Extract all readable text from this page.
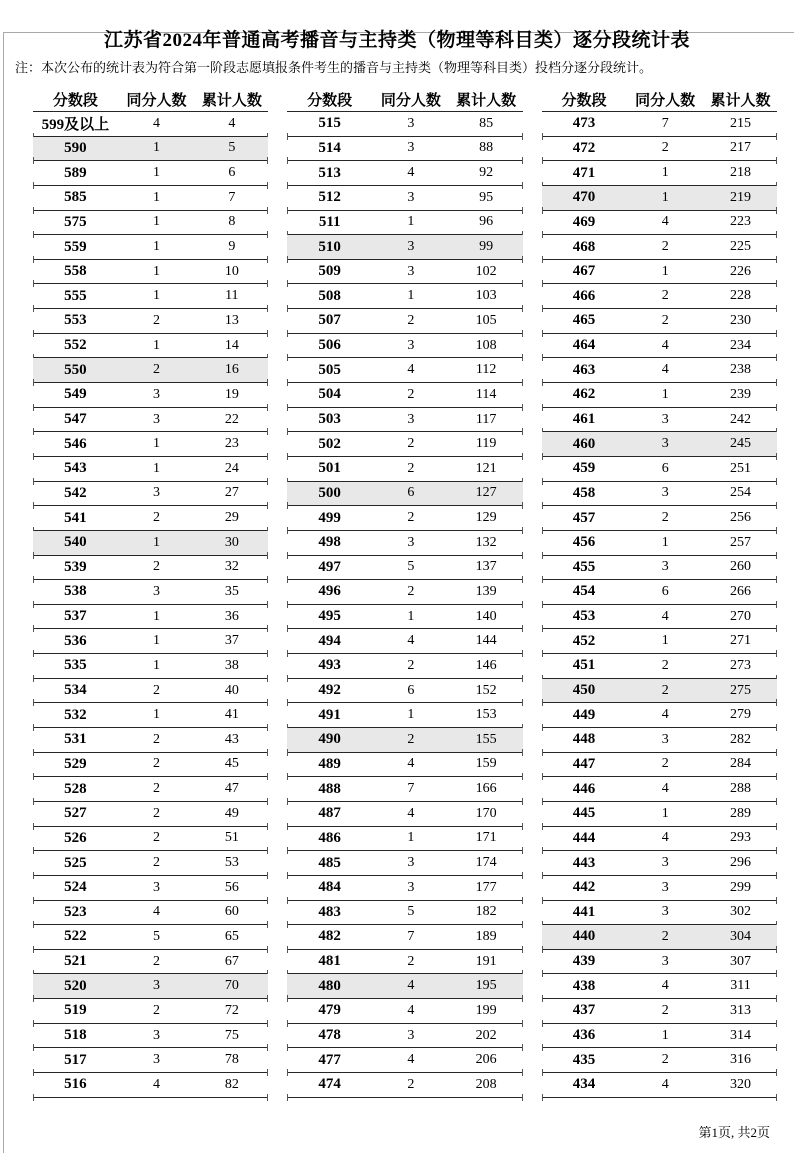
江苏省2024年普通高考播音与主持类（物理等科目类）逐分段统计表
注：本次公布的统计表为符合第一阶段志愿填报条件考生的播音与主持类（物理等科目类）投档分逐分段统计。
分数段	同分人数	累计人数
599及以上	4	4
590	1	5
589	1	6
585	1	7
575	1	8
559	1	9
558	1	10
555	1	11
553	2	13
552	1	14
550	2	16
549	3	19
547	3	22
546	1	23
543	1	24
542	3	27
541	2	29
540	1	30
539	2	32
538	3	35
537	1	36
536	1	37
535	1	38
534	2	40
532	1	41
531	2	43
529	2	45
528	2	47
527	2	49
526	2	51
525	2	53
524	3	56
523	4	60
522	5	65
521	2	67
520	3	70
519	2	72
518	3	75
517	3	78
516	4	82
分数段	同分人数	累计人数
515	3	85
514	3	88
513	4	92
512	3	95
511	1	96
510	3	99
509	3	102
508	1	103
507	2	105
506	3	108
505	4	112
504	2	114
503	3	117
502	2	119
501	2	121
500	6	127
499	2	129
498	3	132
497	5	137
496	2	139
495	1	140
494	4	144
493	2	146
492	6	152
491	1	153
490	2	155
489	4	159
488	7	166
487	4	170
486	1	171
485	3	174
484	3	177
483	5	182
482	7	189
481	2	191
480	4	195
479	4	199
478	3	202
477	4	206
474	2	208
分数段	同分人数	累计人数
473	7	215
472	2	217
471	1	218
470	1	219
469	4	223
468	2	225
467	1	226
466	2	228
465	2	230
464	4	234
463	4	238
462	1	239
461	3	242
460	3	245
459	6	251
458	3	254
457	2	256
456	1	257
455	3	260
454	6	266
453	4	270
452	1	271
451	2	273
450	2	275
449	4	279
448	3	282
447	2	284
446	4	288
445	1	289
444	4	293
443	3	296
442	3	299
441	3	302
440	2	304
439	3	307
438	4	311
437	2	313
436	1	314
435	2	316
434	4	320
第1页, 共2页
